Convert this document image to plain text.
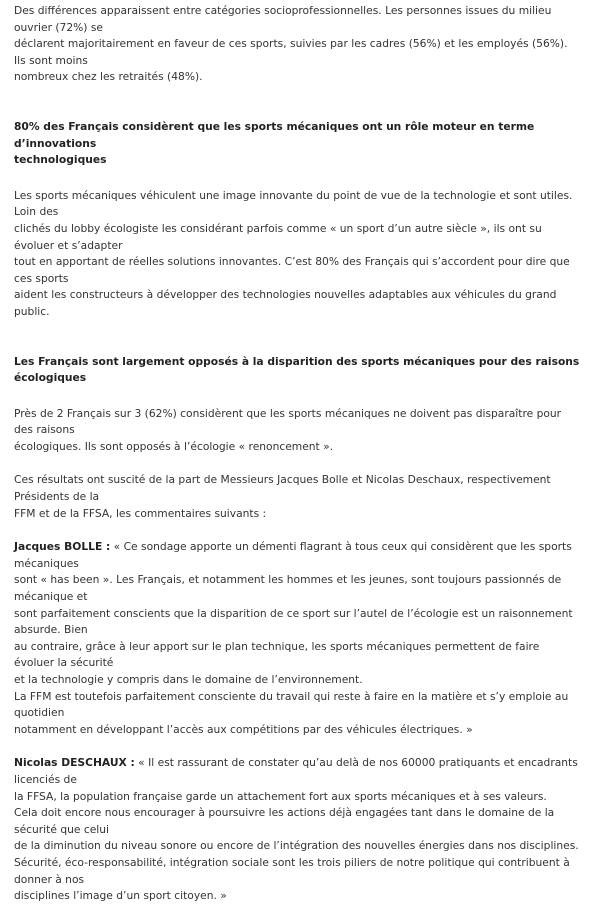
Des différences apparaissent entre catégories socioprofessionnelles. Les personnes issues du milieu ouvrier (72%) se
déclarent majoritairement en faveur de ces sports, suivies par les cadres (56%) et les employés (56%). Ils sont moins
nombreux chez les retraités (48%).

80% des Français considèrent que les sports mécaniques ont un rôle moteur en terme d’innovations
technologiques

Les sports mécaniques véhiculent une image innovante du point de vue de la technologie et sont utiles. Loin des
clichés du lobby écologiste les considérant parfois comme « un sport d’un autre siècle », ils ont su évoluer et s’adapter
tout en apportant de réelles solutions innovantes. C’est 80% des Français qui s’accordent pour dire que ces sports
aident les constructeurs à développer des technologies nouvelles adaptables aux véhicules du grand public.

Les Français sont largement opposés à la disparition des sports mécaniques pour des raisons
écologiques

Près de 2 Français sur 3 (62%) considèrent que les sports mécaniques ne doivent pas disparaître pour des raisons
écologiques. Ils sont opposés à l’écologie « renoncement ».

Ces résultats ont suscité de la part de Messieurs Jacques Bolle et Nicolas Deschaux, respectivement Présidents de la
FFM et de la FFSA, les commentaires suivants :

Jacques BOLLE : « Ce sondage apporte un démenti flagrant à tous ceux qui considèrent que les sports mécaniques
sont « has been ». Les Français, et notamment les hommes et les jeunes, sont toujours passionnés de mécanique et
sont parfaitement conscients que la disparition de ce sport sur l’autel de l’écologie est un raisonnement absurde. Bien
au contraire, grâce à leur apport sur le plan technique, les sports mécaniques permettent de faire évoluer la sécurité
et la technologie y compris dans le domaine de l’environnement.
La FFM est toutefois parfaitement consciente du travail qui reste à faire en la matière et s’y emploie au quotidien
notamment en développant l’accès aux compétitions par des véhicules électriques. »

Nicolas DESCHAUX : « Il est rassurant de constater qu’au delà de nos 60000 pratiquants et encadrants licenciés de
la FFSA, la population française garde un attachement fort aux sports mécaniques et à ses valeurs.
Cela doit encore nous encourager à poursuivre les actions déjà engagées tant dans le domaine de la sécurité que celui
de la diminution du niveau sonore ou encore de l’intégration des nouvelles énergies dans nos disciplines.
Sécurité, éco-responsabilité, intégration sociale sont les trois piliers de notre politique qui contribuent à donner à nos
disciplines l’image d’un sport citoyen. »
